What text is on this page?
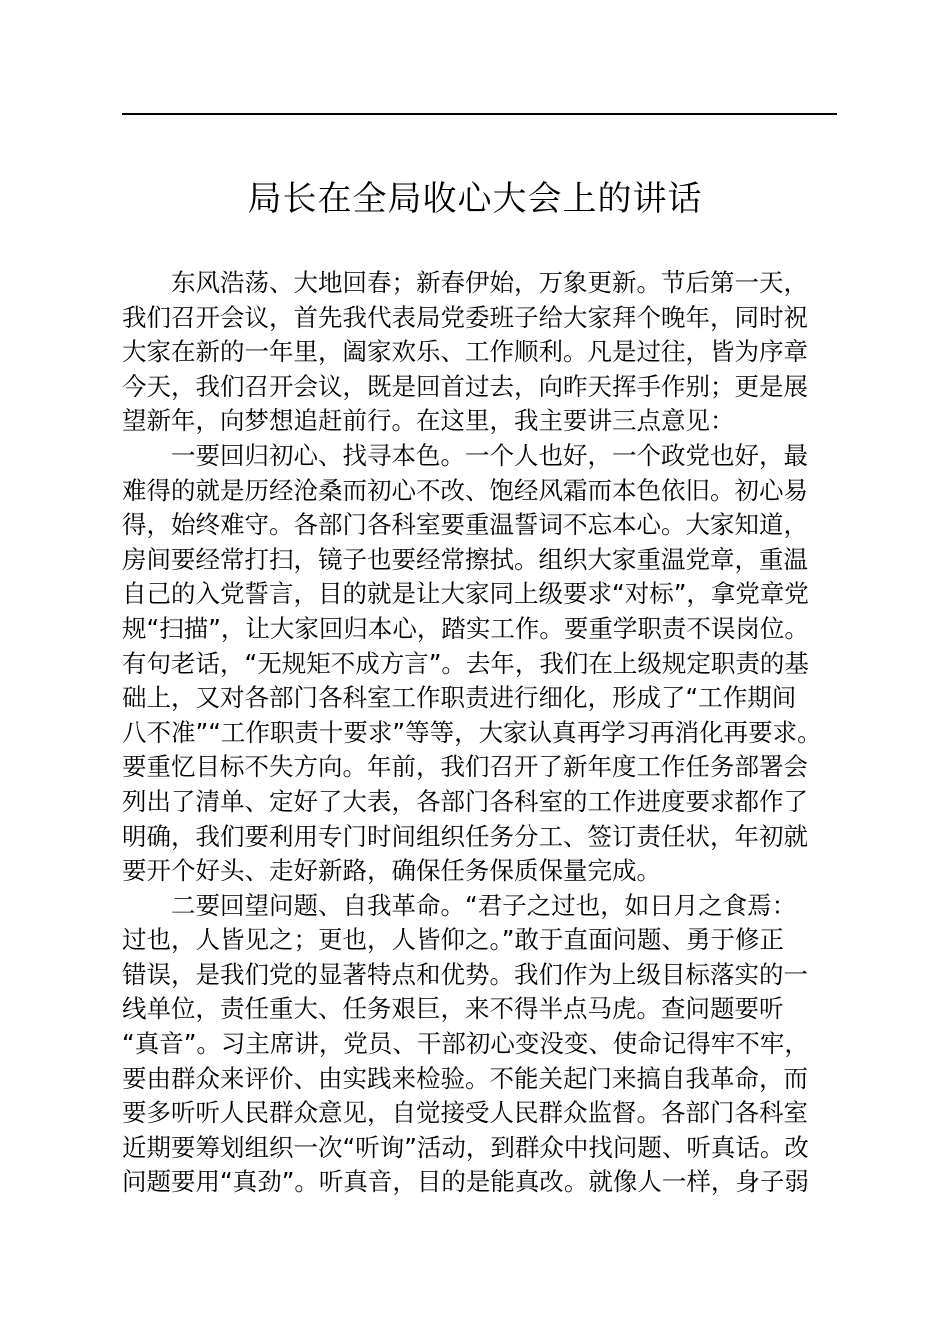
局长在全局收心大会上的讲话
东风浩荡、大地回春；新春伊始，万象更新。节后第一天，
我们召开会议，首先我代表局党委班子给大家拜个晚年，同时祝
大家在新的一年里，阖家欢乐、工作顺利。凡是过往，皆为序章
今天，我们召开会议，既是回首过去，向昨天挥手作别；更是展
望新年，向梦想追赶前行。在这里，我主要讲三点意见：
一要回归初心、找寻本色。一个人也好，一个政党也好，最
难得的就是历经沧桑而初心不改、饱经风霜而本色依旧。初心易
得，始终难守。各部门各科室要重温誓词不忘本心。大家知道，
房间要经常打扫，镜子也要经常擦拭。组织大家重温党章，重温
自己的入党誓言，目的就是让大家同上级要求“对标”，拿党章党
规“扫描”，让大家回归本心，踏实工作。要重学职责不误岗位。
有句老话，“无规矩不成方言”。去年，我们在上级规定职责的基
础上，又对各部门各科室工作职责进行细化，形成了“工作期间
八不准”“工作职责十要求”等等，大家认真再学习再消化再要求。
要重忆目标不失方向。年前，我们召开了新年度工作任务部署会
列出了清单、定好了大表，各部门各科室的工作进度要求都作了
明确，我们要利用专门时间组织任务分工、签订责任状，年初就
要开个好头、走好新路，确保任务保质保量完成。
二要回望问题、自我革命。“君子之过也，如日月之食焉：
过也，人皆见之；更也，人皆仰之。”敢于直面问题、勇于修正
错误，是我们党的显著特点和优势。我们作为上级目标落实的一
线单位，责任重大、任务艰巨，来不得半点马虎。查问题要听
“真音”。习主席讲，党员、干部初心变没变、使命记得牢不牢，
要由群众来评价、由实践来检验。不能关起门来搞自我革命，而
要多听听人民群众意见，自觉接受人民群众监督。各部门各科室
近期要筹划组织一次“听询”活动，到群众中找问题、听真话。改
问题要用“真劲”。听真音，目的是能真改。就像人一样，身子弱
